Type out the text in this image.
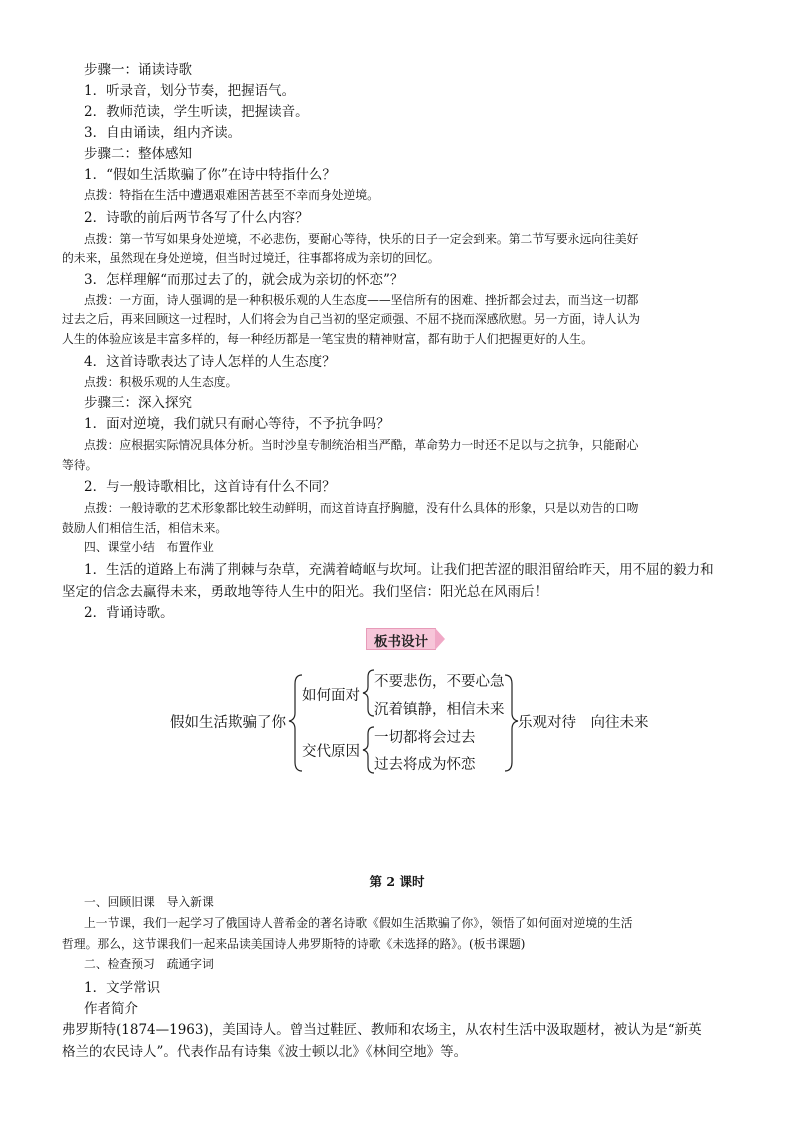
步骤一：诵读诗歌
1．听录音，划分节奏，把握语气。
2．教师范读，学生听读，把握读音。
3．自由诵读，组内齐读。
步骤二：整体感知
1．“假如生活欺骗了你”在诗中特指什么？
点拨：特指在生活中遭遇艰难困苦甚至不幸而身处逆境。
2．诗歌的前后两节各写了什么内容？
点拨：第一节写如果身处逆境，不必悲伤，要耐心等待，快乐的日子一定会到来。第二节写要永远向往美好
的未来，虽然现在身处逆境，但当时过境迁，往事都将成为亲切的回忆。
3．怎样理解“而那过去了的，就会成为亲切的怀恋”？
点拨：一方面，诗人强调的是一种积极乐观的人生态度——坚信所有的困难、挫折都会过去，而当这一切都
过去之后，再来回顾这一过程时，人们将会为自己当初的坚定顽强、不屈不挠而深感欣慰。另一方面，诗人认为
人生的体验应该是丰富多样的，每一种经历都是一笔宝贵的精神财富，都有助于人们把握更好的人生。
4．这首诗歌表达了诗人怎样的人生态度？
点拨：积极乐观的人生态度。
步骤三：深入探究
1．面对逆境，我们就只有耐心等待，不予抗争吗？
点拨：应根据实际情况具体分析。当时沙皇专制统治相当严酷，革命势力一时还不足以与之抗争，只能耐心
等待。
2．与一般诗歌相比，这首诗有什么不同？
点拨：一般诗歌的艺术形象都比较生动鲜明，而这首诗直抒胸臆，没有什么具体的形象，只是以劝告的口吻
鼓励人们相信生活，相信未来。
四、课堂小结　布置作业
1．生活的道路上布满了荆棘与杂草，充满着崎岖与坎坷。让我们把苦涩的眼泪留给昨天，用不屈的毅力和
坚定的信念去赢得未来，勇敢地等待人生中的阳光。我们坚信：阳光总在风雨后！
2．背诵诗歌。
板书设计
假如生活欺骗了你
如何面对
不要悲伤，不要心急
沉着镇静，相信未来
交代原因
一切都将会过去
过去将成为怀恋
乐观对待　向往未来
第 2 课时
一、回顾旧课　导入新课
上一节课，我们一起学习了俄国诗人普希金的著名诗歌《假如生活欺骗了你》，领悟了如何面对逆境的生活
哲理。那么，这节课我们一起来品读美国诗人弗罗斯特的诗歌《未选择的路》。(板书课题)
二、检查预习　疏通字词
1．文学常识
作者简介
弗罗斯特(1874—1963)，美国诗人。曾当过鞋匠、教师和农场主，从农村生活中汲取题材，被认为是“新英
格兰的农民诗人”。代表作品有诗集《波士顿以北》《林间空地》等。
